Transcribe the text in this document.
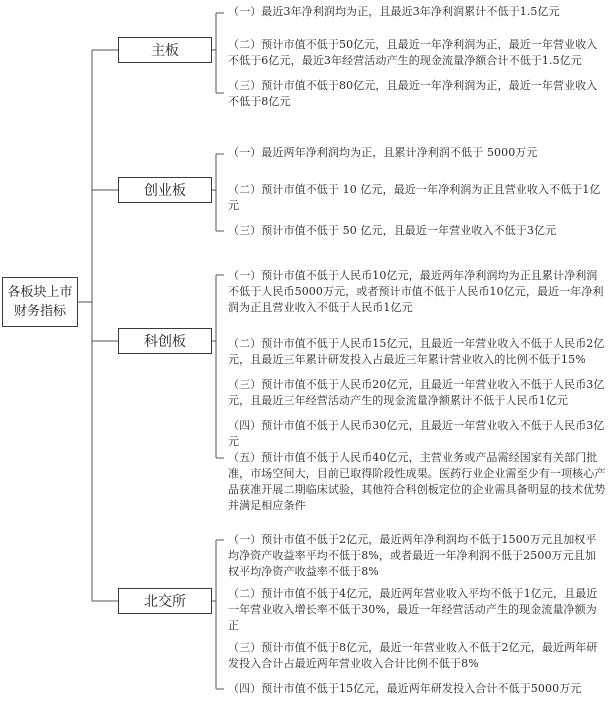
各板块上市
财务指标
主板
（一）最近3年净利润均为正，且最近3年净利润累计不低于1.5亿元
（二）预计市值不低于50亿元，且最近一年净利润为正，最近一年营业收入不低于6亿元，最近3年经营活动产生的现金流量净额合计不低于1.5亿元
（三）预计市值不低于80亿元，且最近一年净利润为正，最近一年营业收入不低于8亿元
创业板
（一）最近两年净利润均为正，且累计净利润不低于 5000万元
（二）预计市值不低于 10 亿元，最近一年净利润为正且营业收入不低于1亿元
（三）预计市值不低于 50 亿元，且最近一年营业收入不低于3亿元
科创板
（一）预计市值不低于人民币10亿元，最近两年净利润均为正且累计净利润不低于人民币5000万元，或者预计市值不低于人民币10亿元，最近一年净利润为正且营业收入不低于人民币1亿元
（二）预计市值不低于人民币15亿元，且最近一年营业收入不低于人民币2亿元，且最近三年累计研发投入占最近三年累计营业收入的比例不低于15%
（三）预计市值不低于人民币20亿元，且最近一年营业收入不低于人民币3亿元，且最近三年经营活动产生的现金流量净额累计不低于人民币1亿元
（四）预计市值不低于人民币30亿元，且最近一年营业收入不低于人民币3亿元
（五）预计市值不低于人民币40亿元，主营业务或产品需经国家有关部门批准，市场空间大，目前已取得阶段性成果。医药行业企业需至少有一项核心产品获准开展二期临床试验，其他符合科创板定位的企业需具备明显的技术优势并满足相应条件
北交所
（一）预计市值不低于2亿元，最近两年净利润均不低于1500万元且加权平均净资产收益率平均不低于8%，或者最近一年净利润不低于2500万元且加权平均净资产收益率不低于8%
（二）预计市值不低于4亿元，最近两年营业收入平均不低于1亿元，且最近一年营业收入增长率不低于30%，最近一年经营活动产生的现金流量净额为正
（三）预计市值不低于8亿元，最近一年营业收入不低于2亿元，最近两年研发投入合计占最近两年营业收入合计比例不低于8%
（四）预计市值不低于15亿元，最近两年研发投入合计不低于5000万元
